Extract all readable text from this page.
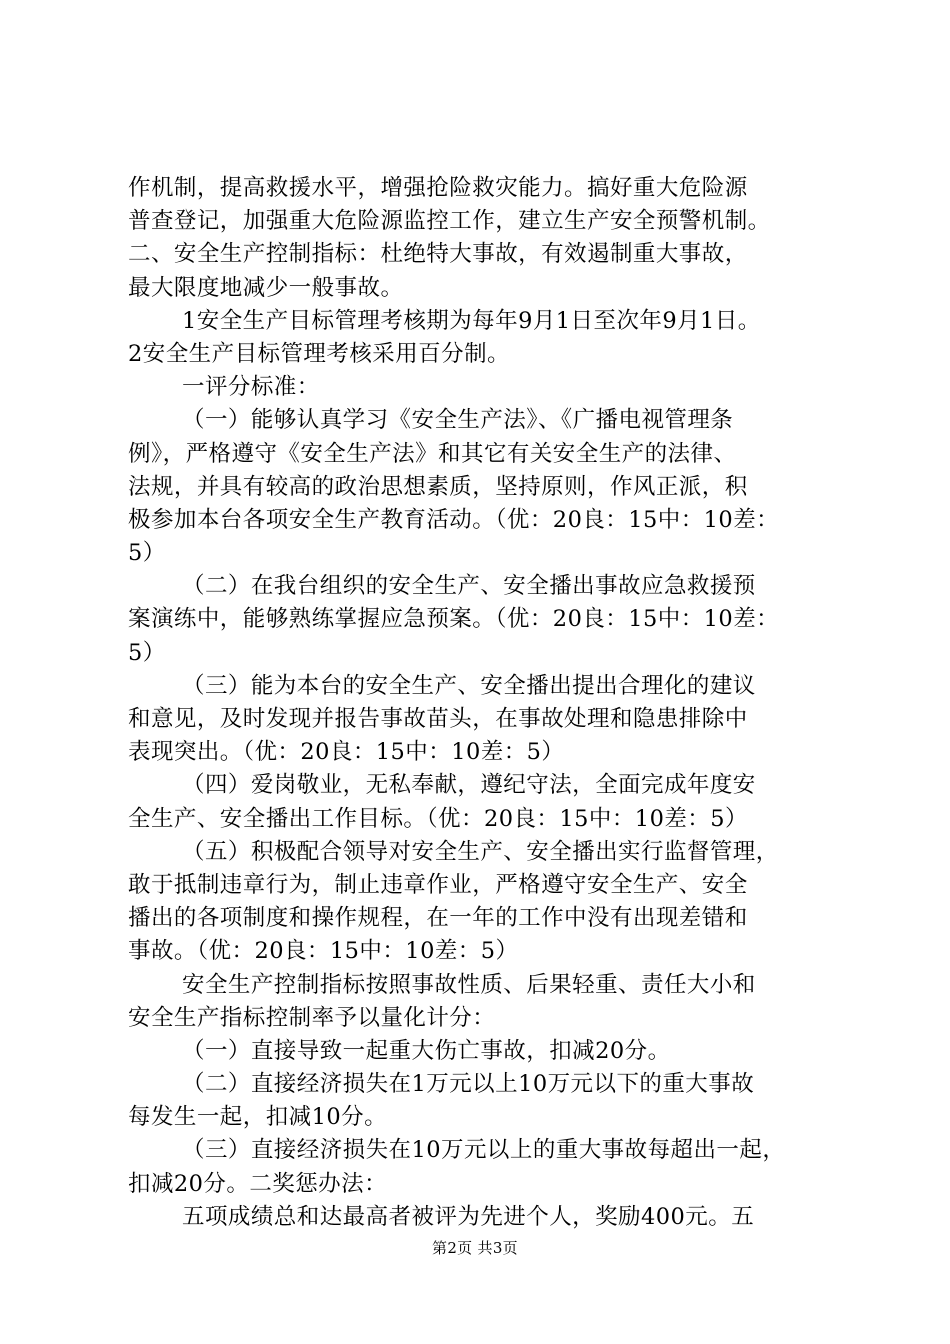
作机制，提高救援水平，增强抢险救灾能力。搞好重大危险源
普查登记，加强重大危险源监控工作，建立生产安全预警机制。
二、安全生产控制指标：杜绝特大事故，有效遏制重大事故，
最大限度地减少一般事故。
1安全生产目标管理考核期为每年9月1日至次年9月1日。
2安全生产目标管理考核采用百分制。
一评分标准：
（一）能够认真学习《安全生产法》、《广播电视管理条
例》，严格遵守《安全生产法》和其它有关安全生产的法律、
法规，并具有较高的政治思想素质，坚持原则，作风正派，积
极参加本台各项安全生产教育活动。（优：20良：15中：10差：
5）
（二）在我台组织的安全生产、安全播出事故应急救援预
案演练中，能够熟练掌握应急预案。（优：20良：15中：10差：
5）
（三）能为本台的安全生产、安全播出提出合理化的建议
和意见，及时发现并报告事故苗头，在事故处理和隐患排除中
表现突出。（优：20良：15中：10差：5）
（四）爱岗敬业，无私奉献，遵纪守法，全面完成年度安
全生产、安全播出工作目标。（优：20良：15中：10差：5）
（五）积极配合领导对安全生产、安全播出实行监督管理，
敢于抵制违章行为，制止违章作业，严格遵守安全生产、安全
播出的各项制度和操作规程，在一年的工作中没有出现差错和
事故。（优：20良：15中：10差：5）
安全生产控制指标按照事故性质、后果轻重、责任大小和
安全生产指标控制率予以量化计分：
（一）直接导致一起重大伤亡事故，扣减20分。
（二）直接经济损失在1万元以上10万元以下的重大事故
每发生一起，扣减10分。
（三）直接经济损失在10万元以上的重大事故每超出一起，
扣减20分。二奖惩办法：
五项成绩总和达最高者被评为先进个人，奖励400元。五
第2页 共3页
